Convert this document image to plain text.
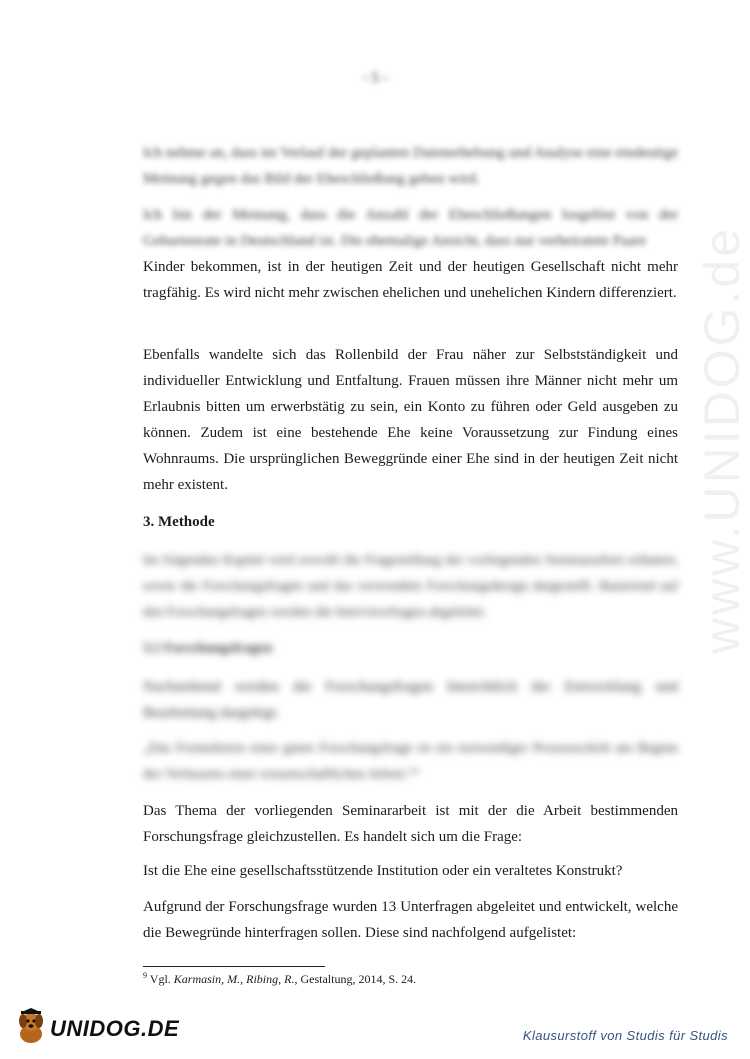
- 5 -

Ich nehme an, dass im Verlauf der geplanten Datenerhebung und Analyse eine eindeutige Meinung gegen das Bild der Eheschließung geben wird.

Ich bin der Meinung, dass die Anzahl der Eheschließungen losgelöst von der Geburtenrate in Deutschland ist. Die ehemalige Ansicht, dass nur verheiratete Paare

Kinder bekommen, ist in der heutigen Zeit und der heutigen Gesellschaft nicht mehr tragfähig. Es wird nicht mehr zwischen ehelichen und unehelichen Kindern differenziert.

Ebenfalls wandelte sich das Rollenbild der Frau näher zur Selbstständigkeit und individueller Entwicklung und Entfaltung. Frauen müssen ihre Männer nicht mehr um Erlaubnis bitten um erwerbstätig zu sein, ein Konto zu führen oder Geld ausgeben zu können. Zudem ist eine bestehende Ehe keine Voraussetzung zur Findung eines Wohnraums. Die ursprünglichen Beweggründe einer Ehe sind in der heutigen Zeit nicht mehr existent.

3. Methode

Im folgenden Kapitel wird sowohl die Fragestellung der vorliegenden Seminararbeit erläutert, sowie die Forschungsfragen und das verwendete Forschungsdesign dargestellt. Basierend auf den Forschungsfragen werden die Interviewfragen abgeleitet.

3.1 Forschungsfragen

Nachstehend werden die Forschungsfragen hinsichtlich der Entwicklung und Bearbeitung dargelegt.

„Das Formulieren einer guten Forschungsfrage ist ein notwendiger Prozessschritt am Beginn des Verfassens einer wissenschaftlichen Arbeit.“⁹

Das Thema der vorliegenden Seminararbeit ist mit der die Arbeit bestimmenden Forschungsfrage gleichzustellen. Es handelt sich um die Frage:

Ist die Ehe eine gesellschaftsstützende Institution oder ein veraltetes Konstrukt?

Aufgrund der Forschungsfrage wurden 13 Unterfragen abgeleitet und entwickelt, welche die Bewegründe hinterfragen sollen. Diese sind nachfolgend aufgelistet:

$^9$ Vgl. Karmasin, M., Ribing, R., Gestaltung, 2014, S. 24.
www.UNIDOG.de
UNIDOG.DE	Klausurstoff von Studis für Studis
